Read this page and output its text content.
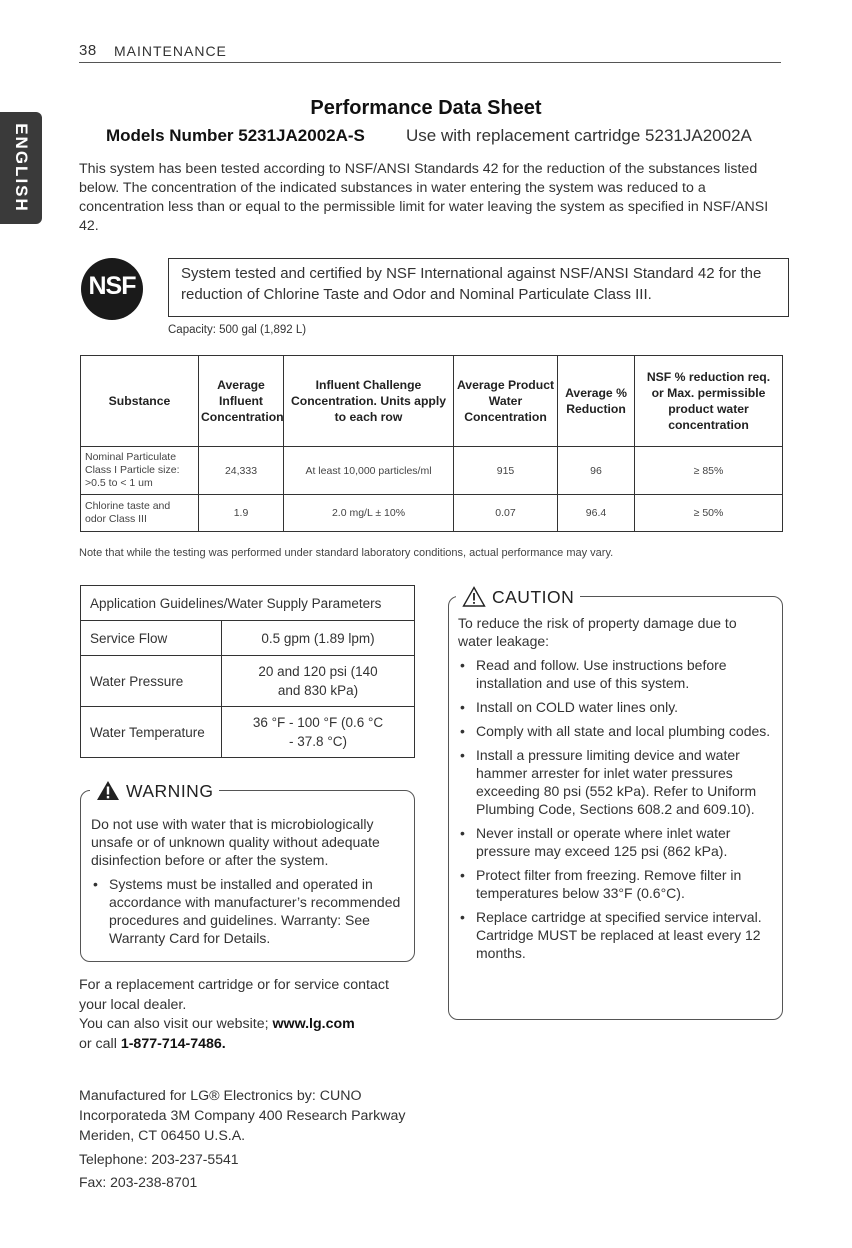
38 MAINTENANCE
ENGLISH
Performance Data Sheet
Models Number 5231JA2002A-S Use with replacement cartridge 5231JA2002A
This system has been tested according to NSF/ANSI Standards 42 for the reduction of the substances listed below. The concentration of the indicated substances in water entering the system was reduced to a concentration less than or equal to the permissible limit for water leaving the system as specified in NSF/ANSI 42.
NSF	System tested and certified by NSF International against NSF/ANSI Standard 42 for the reduction of Chlorine Taste and Odor and Nominal Particulate Class III.
Capacity: 500 gal (1,892 L)
Substance	Average Influent Concentration	Influent Challenge Concentration. Units apply to each row	Average Product Water Concentration	Average % Reduction	NSF % reduction req. or Max. permissible product water concentration
Nominal Particulate Class I Particle size: >0.5 to < 1 um	24,333	At least 10,000 particles/ml	915	96	≥ 85%
Chlorine taste and odor Class III	1.9	2.0 mg/L ± 10%	0.07	96.4	≥ 50%
Note that while the testing was performed under standard laboratory conditions, actual performance may vary.
Application Guidelines/Water Supply Parameters	
Service Flow	0.5 gpm (1.89 lpm)
Water Pressure	20 and 120 psi (140 and 830 kPa)
Water Temperature	36 °F - 100 °F (0.6 °C - 37.8 °C)
WARNING
Do not use with water that is microbiologically unsafe or of unknown quality without adequate disinfection before or after the system.
• Systems must be installed and operated in accordance with manufacturer’s recommended procedures and guidelines. Warranty: See Warranty Card for Details.
CAUTION
To reduce the risk of property damage due to water leakage:
• Read and follow. Use instructions before installation and use of this system.
• Install on COLD water lines only.
• Comply with all state and local plumbing codes.
• Install a pressure limiting device and water hammer arrester for inlet water pressures exceeding 80 psi (552 kPa). Refer to Uniform Plumbing Code, Sections 608.2 and 609.10).
• Never install or operate where inlet water pressure may exceed 125 psi (862 kPa).
• Protect filter from freezing. Remove filter in temperatures below 33°F (0.6°C).
• Replace cartridge at specified service interval. Cartridge MUST be replaced at least every 12 months.
For a replacement cartridge or for service contact your local dealer.
You can also visit our website; www.lg.com
or call 1-877-714-7486.
Manufactured for LG® Electronics by: CUNO Incorporateda 3M Company 400 Research Parkway Meriden, CT 06450 U.S.A.
Telephone: 203-237-5541
Fax: 203-238-8701
